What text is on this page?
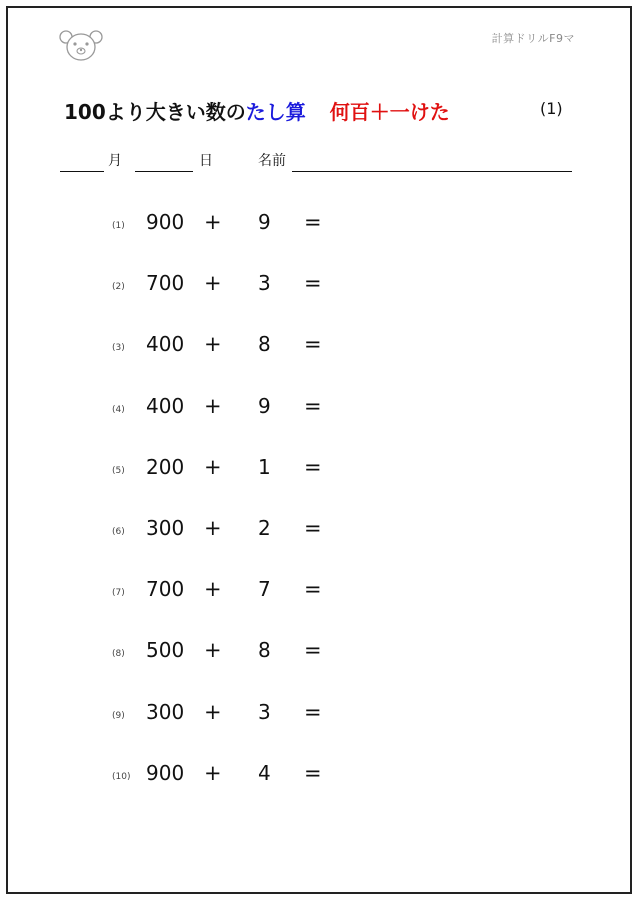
計算ドリルF9マ
100より大きい数のたし算 何百＋一けた	(1)
月	日	名前
(1)	900 + 9 =
(2)	700 + 3 =
(3)	400 + 8 =
(4)	400 + 9 =
(5)	200 + 1 =
(6)	300 + 2 =
(7)	700 + 7 =
(8)	500 + 8 =
(9)	300 + 3 =
(10) 900 + 4 =
